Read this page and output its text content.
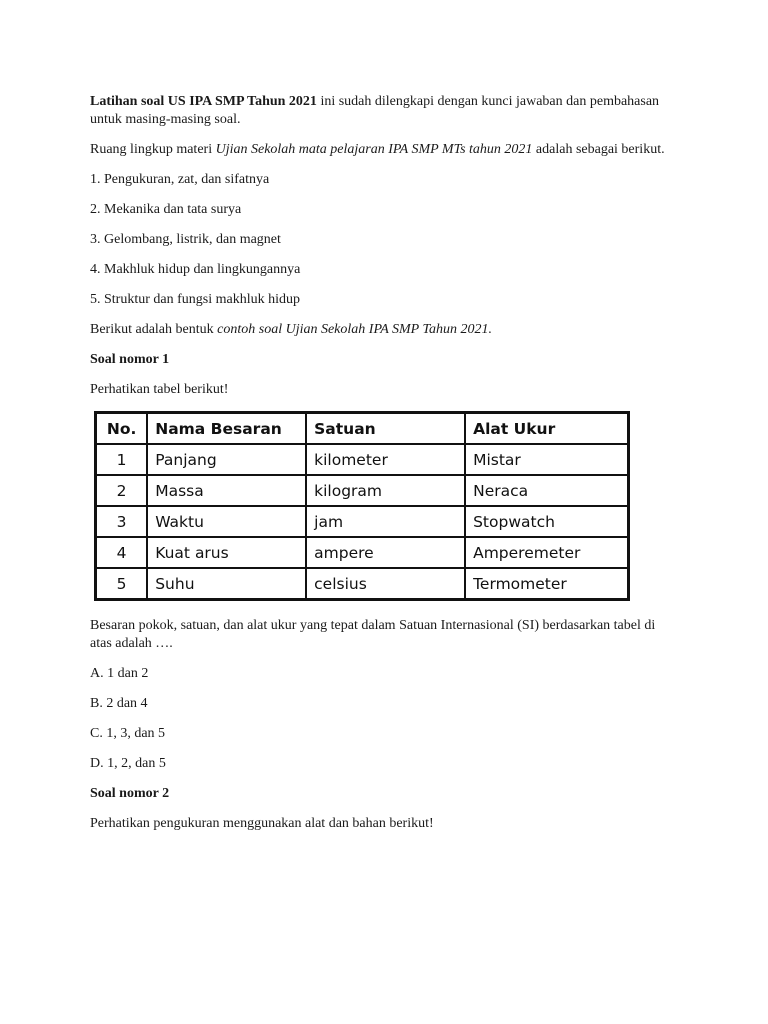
Latihan soal US IPA SMP Tahun 2021 ini sudah dilengkapi dengan kunci jawaban dan pembahasan untuk masing-masing soal.

Ruang lingkup materi Ujian Sekolah mata pelajaran IPA SMP MTs tahun 2021 adalah sebagai berikut.

1. Pengukuran, zat, dan sifatnya

2. Mekanika dan tata surya

3. Gelombang, listrik, dan magnet

4. Makhluk hidup dan lingkungannya

5. Struktur dan fungsi makhluk hidup

Berikut adalah bentuk contoh soal Ujian Sekolah IPA SMP Tahun 2021.

Soal nomor 1

Perhatikan tabel berikut!

No.	Nama Besaran	Satuan	Alat Ukur
1	Panjang	kilometer	Mistar
2	Massa	kilogram	Neraca
3	Waktu	jam	Stopwatch
4	Kuat arus	ampere	Amperemeter
5	Suhu	celsius	Termometer

Besaran pokok, satuan, dan alat ukur yang tepat dalam Satuan Internasional (SI) berdasarkan tabel di atas adalah ….

A. 1 dan 2

B. 2 dan 4

C. 1, 3, dan 5

D. 1, 2, dan 5

Soal nomor 2

Perhatikan pengukuran menggunakan alat dan bahan berikut!
